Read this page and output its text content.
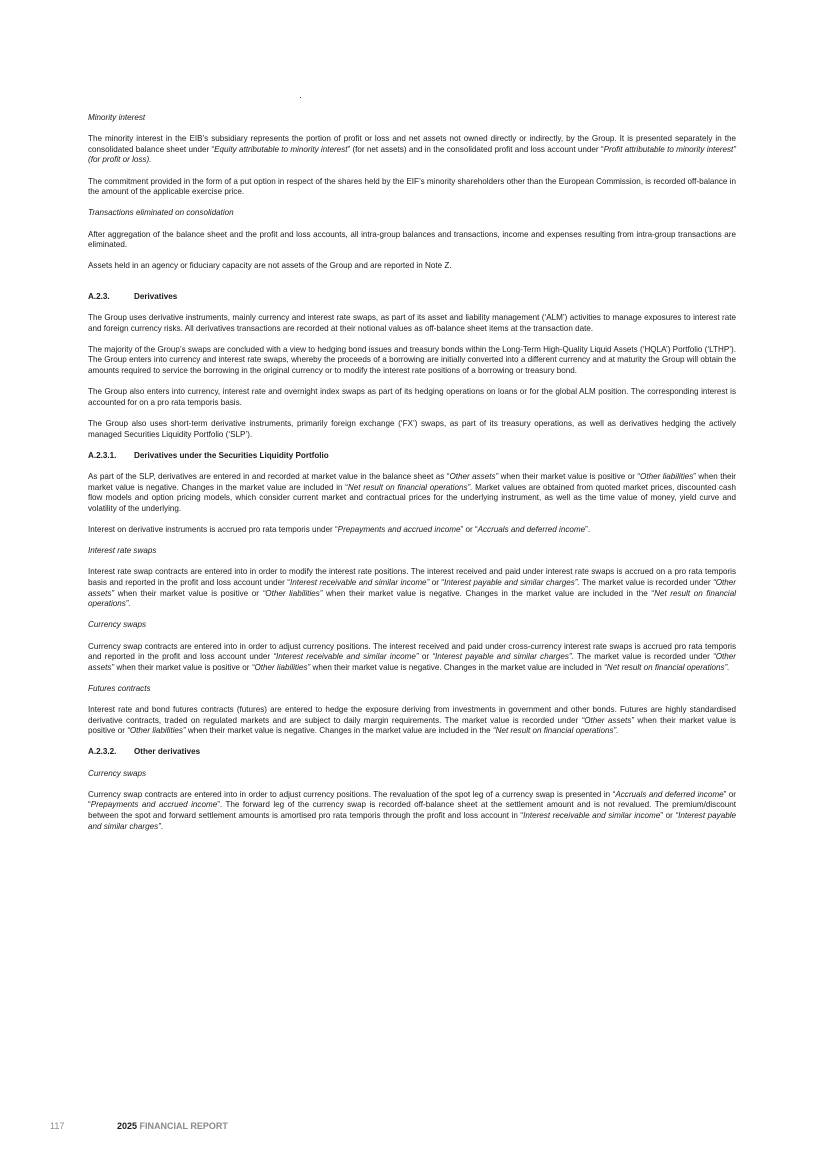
Minority interest

The minority interest in the EIB’s subsidiary represents the portion of profit or loss and net assets not owned directly or indirectly, by the Group. It is presented separately in the consolidated balance sheet under “Equity attributable to minority interest” (for net assets) and in the consolidated profit and loss account under “Profit attributable to minority interest” (for profit or loss).

The commitment provided in the form of a put option in respect of the shares held by the EIF’s minority shareholders other than the European Commission, is recorded off-balance in the amount of the applicable exercise price.

Transactions eliminated on consolidation

After aggregation of the balance sheet and the profit and loss accounts, all intra-group balances and transactions, income and expenses resulting from intra-group transactions are eliminated.

Assets held in an agency or fiduciary capacity are not assets of the Group and are reported in Note Z.

A.2.3.	Derivatives

The Group uses derivative instruments, mainly currency and interest rate swaps, as part of its asset and liability management (‘ALM’) activities to manage exposures to interest rate and foreign currency risks. All derivatives transactions are recorded at their notional values as off-balance sheet items at the transaction date.

The majority of the Group’s swaps are concluded with a view to hedging bond issues and treasury bonds within the Long-Term High-Quality Liquid Assets (‘HQLA’) Portfolio (‘LTHP’). The Group enters into currency and interest rate swaps, whereby the proceeds of a borrowing are initially converted into a different currency and at maturity the Group will obtain the amounts required to service the borrowing in the original currency or to modify the interest rate positions of a borrowing or treasury bond.

The Group also enters into currency, interest rate and overnight index swaps as part of its hedging operations on loans or for the global ALM position. The corresponding interest is accounted for on a pro rata temporis basis.

The Group also uses short-term derivative instruments, primarily foreign exchange (‘FX’) swaps, as part of its treasury operations, as well as derivatives hedging the actively managed Securities Liquidity Portfolio (‘SLP’).

A.2.3.1. Derivatives under the Securities Liquidity Portfolio

As part of the SLP, derivatives are entered in and recorded at market value in the balance sheet as “Other assets” when their market value is positive or “Other liabilities” when their market value is negative. Changes in the market value are included in “Net result on financial operations”. Market values are obtained from quoted market prices, discounted cash flow models and option pricing models, which consider current market and contractual prices for the underlying instrument, as well as the time value of money, yield curve and volatility of the underlying.

Interest on derivative instruments is accrued pro rata temporis under “Prepayments and accrued income” or “Accruals and deferred income”.

Interest rate swaps

Interest rate swap contracts are entered into in order to modify the interest rate positions. The interest received and paid under interest rate swaps is accrued on a pro rata temporis basis and reported in the profit and loss account under “Interest receivable and similar income” or “Interest payable and similar charges”. The market value is recorded under “Other assets” when their market value is positive or “Other liabilities” when their market value is negative. Changes in the market value are included in the “Net result on financial operations”.

Currency swaps

Currency swap contracts are entered into in order to adjust currency positions. The interest received and paid under cross-currency interest rate swaps is accrued pro rata temporis and reported in the profit and loss account under “Interest receivable and similar income” or “Interest payable and similar charges”. The market value is recorded under “Other assets” when their market value is positive or “Other liabilities” when their market value is negative. Changes in the market value are included in “Net result on financial operations”.

Futures contracts

Interest rate and bond futures contracts (futures) are entered to hedge the exposure deriving from investments in government and other bonds. Futures are highly standardised derivative contracts, traded on regulated markets and are subject to daily margin requirements. The market value is recorded under “Other assets” when their market value is positive or “Other liabilities” when their market value is negative. Changes in the market value are included in the “Net result on financial operations”.

A.2.3.2. Other derivatives

Currency swaps

Currency swap contracts are entered into in order to adjust currency positions. The revaluation of the spot leg of a currency swap is presented in “Accruals and deferred income” or “Prepayments and accrued income”. The forward leg of the currency swap is recorded off-balance sheet at the settlement amount and is not revalued. The premium/discount between the spot and forward settlement amounts is amortised pro rata temporis through the profit and loss account in “Interest receivable and similar income” or “Interest payable and similar charges”.

117	2025 FINANCIAL REPORT
